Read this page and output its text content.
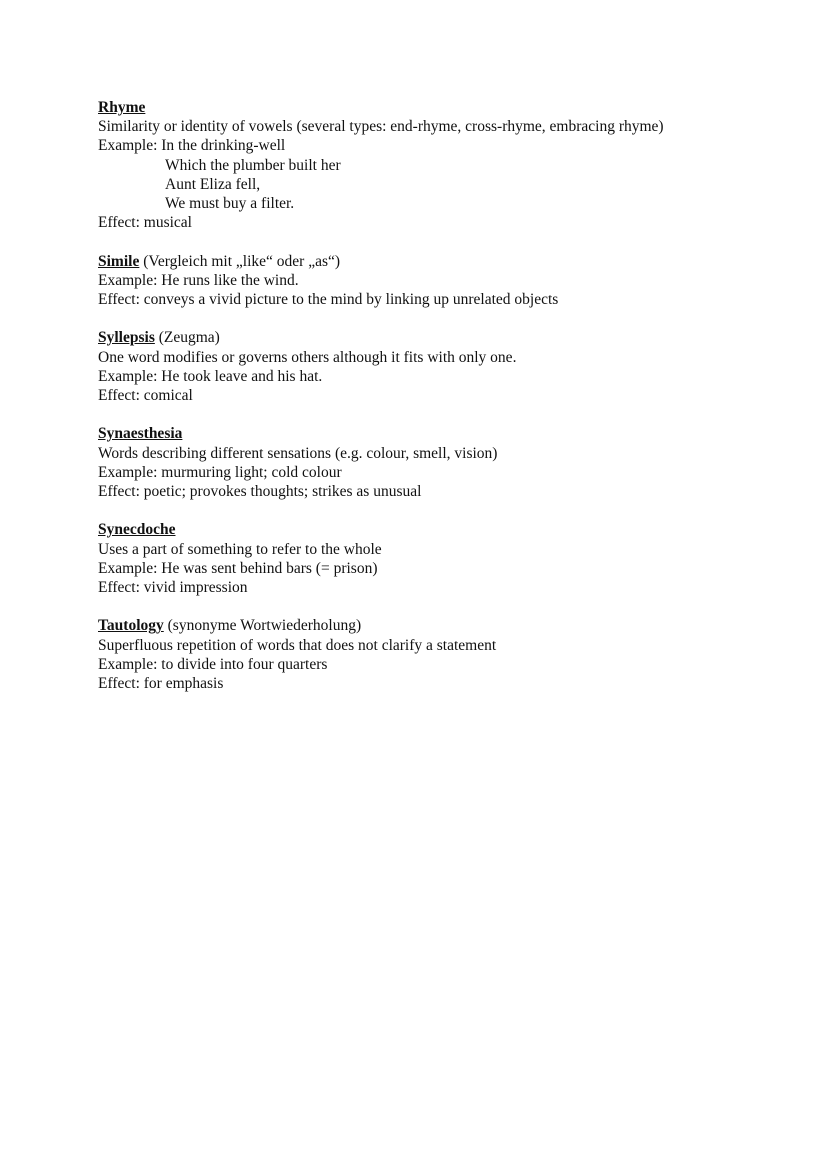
Rhyme
Similarity or identity of vowels (several types: end-rhyme, cross-rhyme, embracing rhyme)
Example: In the drinking-well
Which the plumber built her
Aunt Eliza fell,
We must buy a filter.
Effect: musical
Simile (Vergleich mit „like“ oder „as“)
Example: He runs like the wind.
Effect: conveys a vivid picture to the mind by linking up unrelated objects
Syllepsis (Zeugma)
One word modifies or governs others although it fits with only one.
Example: He took leave and his hat.
Effect: comical
Synaesthesia
Words describing different sensations (e.g. colour, smell, vision)
Example: murmuring light; cold colour
Effect: poetic; provokes thoughts; strikes as unusual
Synecdoche
Uses a part of something to refer to the whole
Example: He was sent behind bars (= prison)
Effect: vivid impression
Tautology (synonyme Wortwiederholung)
Superfluous repetition of words that does not clarify a statement
Example: to divide into four quarters
Effect: for emphasis
